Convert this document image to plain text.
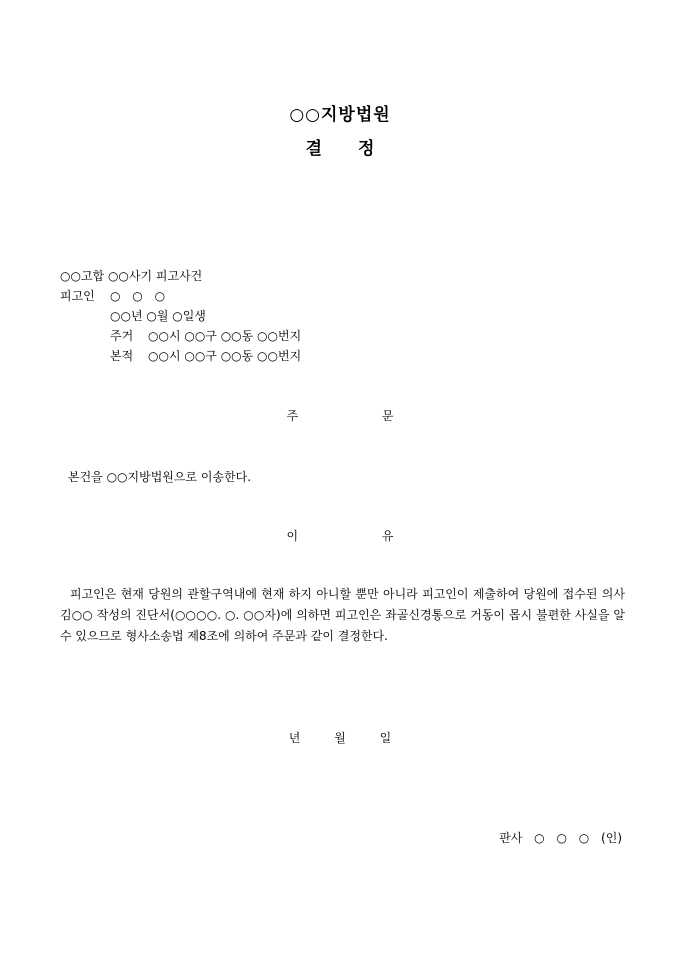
○○지방법원
결 정
○○고합 ○○사기 피고사건
피고인 ○ ○ ○
○○년 ○월 ○일생
주거 ○○시 ○○구 ○○동 ○○번지
본적 ○○시 ○○구 ○○동 ○○번지
주 문
본건을 ○○지방법원으로 이송한다.
이 유
피고인은 현재 당원의 관할구역내에 현재 하지 아니할 뿐만 아니라 피고인이 제출하여 당원에 접수된 의사 김○○ 작성의 진단서(○○○○. ○. ○○자)에 의하면 피고인은 좌골신경통으로 거동이 몹시 불편한 사실을 알 수 있으므로 형사소송법 제8조에 의하여 주문과 같이 결정한다.
년 월 일
판사 ○ ○ ○ (인)
